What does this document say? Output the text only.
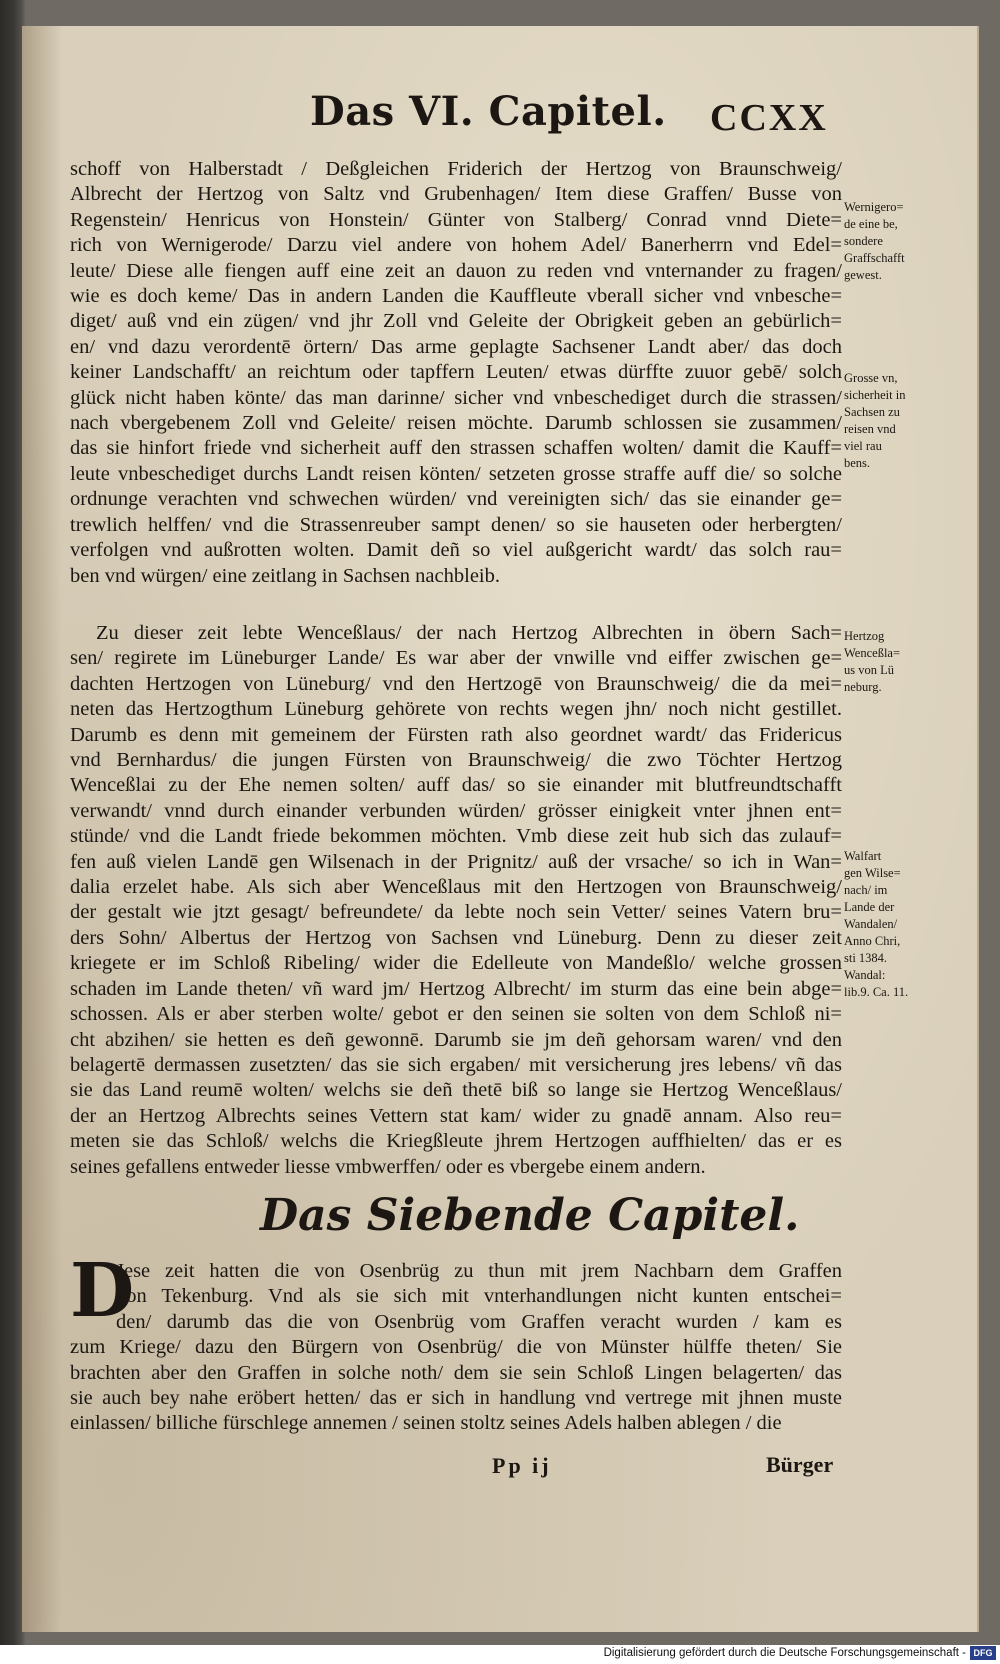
Das VI. Capitel. CCXX
schoff von Halberstadt / Deßgleichen Friderich der Hertzog von Braunschweig/
Albrecht der Hertzog von Saltz vnd Grubenhagen/ Item diese Graffen/ Busse von
Regenstein/ Henricus von Honstein/ Günter von Stalberg/ Conrad vnnd Diete=
rich von Wernigerode/ Darzu viel andere von hohem Adel/ Banerherrn vnd Edel=
leute/ Diese alle fiengen auff eine zeit an dauon zu reden vnd vnternander zu fragen/
wie es doch keme/ Das in andern Landen die Kauffleute vberall sicher vnd vnbesche=
diget/ auß vnd ein zügen/ vnd jhr Zoll vnd Geleite der Obrigkeit geben an gebürlich=
en/ vnd dazu verordentē örtern/ Das arme geplagte Sachsener Landt aber/ das doch
keiner Landschafft/ an reichtum oder tapffern Leuten/ etwas dürffte zuuor gebē/ solch
glück nicht haben könte/ das man darinne/ sicher vnd vnbeschediget durch die strassen/
nach vbergebenem Zoll vnd Geleite/ reisen möchte. Darumb schlossen sie zusammen/
das sie hinfort friede vnd sicherheit auff den strassen schaffen wolten/ damit die Kauff=
leute vnbeschediget durchs Landt reisen könten/ setzeten grosse straffe auff die/ so solche
ordnunge verachten vnd schwechen würden/ vnd vereinigten sich/ das sie einander ge=
trewlich helffen/ vnd die Strassenreuber sampt denen/ so sie hauseten oder herbergten/
verfolgen vnd außrotten wolten. Damit deñ so viel außgericht wardt/ das solch rau=
ben vnd würgen/ eine zeitlang in Sachsen nachbleib.
Wernigero=
de eine be,
sondere
Graffschafft
gewest.
Grosse vn,
sicherheit in
Sachsen zu
reisen vnd
viel rau
bens.
Zu dieser zeit lebte Wenceßlaus/ der nach Hertzog Albrechten in öbern Sach=
sen/ regirete im Lüneburger Lande/ Es war aber der vnwille vnd eiffer zwischen ge=
dachten Hertzogen von Lüneburg/ vnd den Hertzogē von Braunschweig/ die da mei=
neten das Hertzogthum Lüneburg gehörete von rechts wegen jhn/ noch nicht gestillet.
Darumb es denn mit gemeinem der Fürsten rath also geordnet wardt/ das Fridericus
vnd Bernhardus/ die jungen Fürsten von Braunschweig/ die zwo Töchter Hertzog
Wenceßlai zu der Ehe nemen solten/ auff das/ so sie einander mit blutfreundtschafft
verwandt/ vnnd durch einander verbunden würden/ grösser einigkeit vnter jhnen ent=
stünde/ vnd die Landt friede bekommen möchten. Vmb diese zeit hub sich das zulauf=
fen auß vielen Landē gen Wilsenach in der Prignitz/ auß der vrsache/ so ich in Wan=
dalia erzelet habe. Als sich aber Wenceßlaus mit den Hertzogen von Braunschweig/
der gestalt wie jtzt gesagt/ befreundete/ da lebte noch sein Vetter/ seines Vatern bru=
ders Sohn/ Albertus der Hertzog von Sachsen vnd Lüneburg. Denn zu dieser zeit
kriegete er im Schloß Ribeling/ wider die Edelleute von Mandeßlo/ welche grossen
schaden im Lande theten/ vñ ward jm/ Hertzog Albrecht/ im sturm das eine bein abge=
schossen. Als er aber sterben wolte/ gebot er den seinen sie solten von dem Schloß ni=
cht abzihen/ sie hetten es deñ gewonnē. Darumb sie jm deñ gehorsam waren/ vnd den
belagertē dermassen zusetzten/ das sie sich ergaben/ mit versicherung jres lebens/ vñ das
sie das Land reumē wolten/ welchs sie deñ thetē biß so lange sie Hertzog Wenceßlaus/
der an Hertzog Albrechts seines Vettern stat kam/ wider zu gnadē annam. Also reu=
meten sie das Schloß/ welchs die Kriegßleute jhrem Hertzogen auffhielten/ das er es
seines gefallens entweder liesse vmbwerffen/ oder es vbergebe einem andern.
Hertzog
Wenceßla=
us von Lü
neburg.
Walfart
gen Wilse=
nach/ im
Lande der
Wandalen/
Anno Chri,
sti 1384.
Wandal:
lib.9. Ca. 11.
Das Siebende Capitel.
D
Jese zeit hatten die von Osenbrüg zu thun mit jrem Nachbarn dem Graffen
von Tekenburg. Vnd als sie sich mit vnterhandlungen nicht kunten entschei=
den/ darumb das die von Osenbrüg vom Graffen veracht wurden / kam es
zum Kriege/ dazu den Bürgern von Osenbrüg/ die von Münster hülffe theten/ Sie
brachten aber den Graffen in solche noth/ dem sie sein Schloß Lingen belagerten/ das
sie auch bey nahe eröbert hetten/ das er sich in handlung vnd vertrege mit jhnen muste
einlassen/ billiche fürschlege annemen / seinen stoltz seines Adels halben ablegen / die
Pp ij	Bürger
Digitalisierung gefördert durch die Deutsche Forschungsgemeinschaft - DFG
